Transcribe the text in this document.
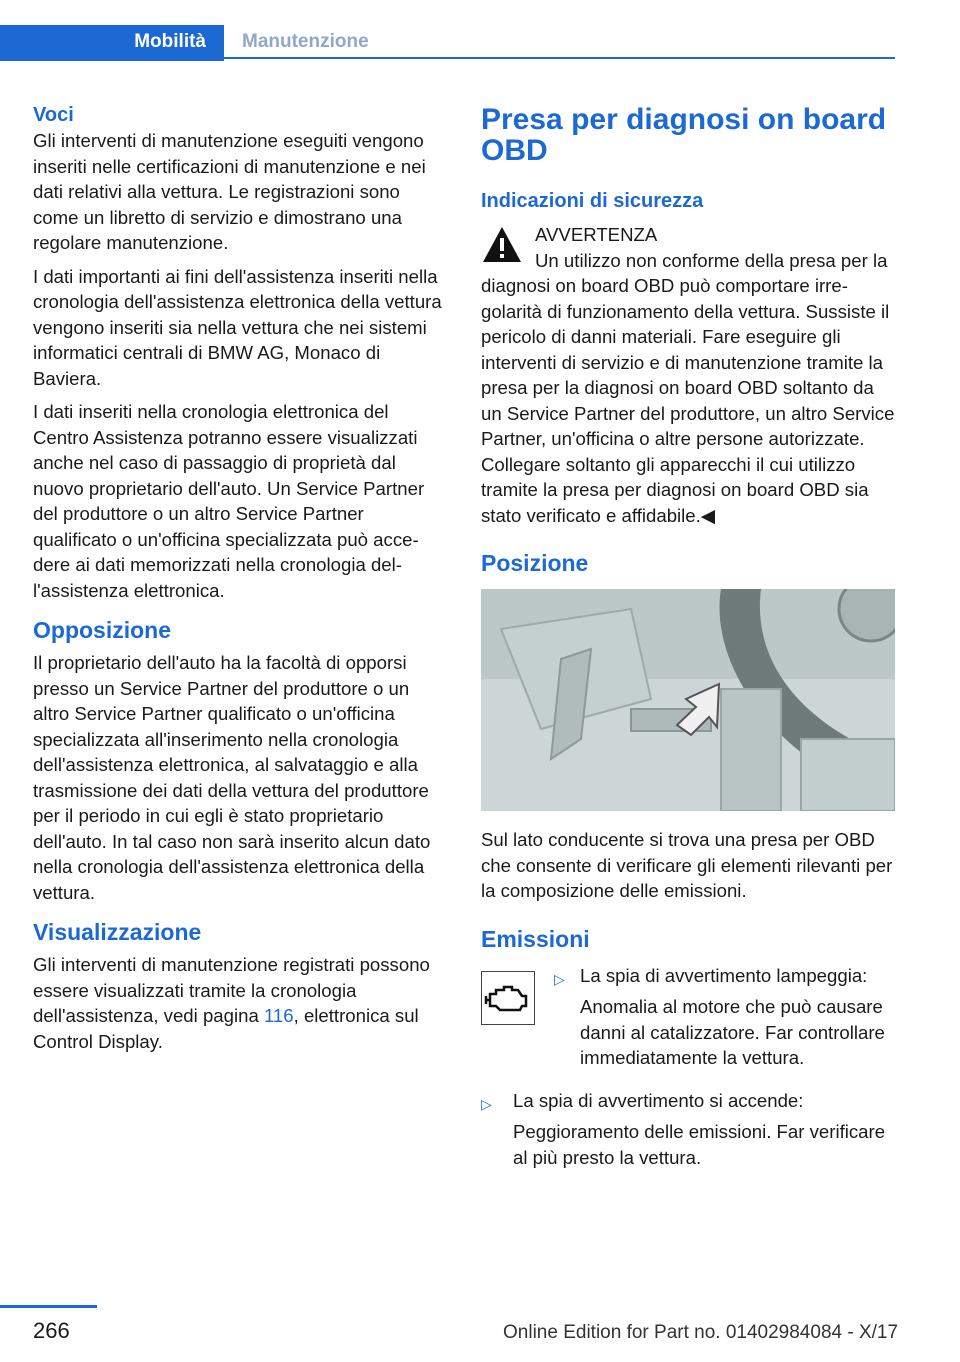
Mobilità	Manutenzione
Voci

Gli interventi di manutenzione eseguiti vengono inseriti nelle certificazioni di manutenzione e nei dati relativi alla vettura. Le registrazioni sono come un libretto di servizio e dimostrano una regolare manutenzione.

I dati importanti ai fini dell'assistenza inseriti nella cronologia dell'assistenza elettronica della vettura vengono inseriti sia nella vettura che nei sistemi informatici centrali di BMW AG, Monaco di Baviera.

I dati inseriti nella cronologia elettronica del Centro Assistenza potranno essere visualizzati anche nel caso di passaggio di proprietà dal nuovo proprietario dell'auto. Un Service Partner del produttore o un altro Service Partner qualificato o un'officina specializzata può accedere ai dati memorizzati nella cronologia dell'assistenza elettronica.

Opposizione

Il proprietario dell'auto ha la facoltà di opporsi presso un Service Partner del produttore o un altro Service Partner qualificato o un'officina specializzata all'inserimento nella cronologia dell'assistenza elettronica, al salvataggio e alla trasmissione dei dati della vettura del produttore per il periodo in cui egli è stato proprietario dell'auto. In tal caso non sarà inserito alcun dato nella cronologia dell'assistenza elettronica della vettura.

Visualizzazione

Gli interventi di manutenzione registrati possono essere visualizzati tramite la cronologia dell'assistenza, vedi pagina 116, elettronica sul Control Display.

Presa per diagnosi on board OBD
Indicazioni di sicurezza
AVVERTENZA

Un utilizzo non conforme della presa per la diagnosi on board OBD può comportare irregolarità di funzionamento della vettura. Sussiste il pericolo di danni materiali. Fare eseguire gli interventi di servizio e di manutenzione tramite la presa per la diagnosi on board OBD soltanto da un Service Partner del produttore, un altro Service Partner, un'officina o altre persone autorizzate. Collegare soltanto gli apparecchi il cui utilizzo tramite la presa per diagnosi on board OBD sia stato verificato e affidabile.◀

Posizione

Sul lato conducente si trova una presa per OBD che consente di verificare gli elementi rilevanti per la composizione delle emissioni.

Emissioni
▷ La spia di avvertimento lampeggia:
Anomalia al motore che può causare danni al catalizzatore. Far controllare immediatamente la vettura.
▷ La spia di avvertimento si accende:
Peggioramento delle emissioni. Far verificare al più presto la vettura.
266	Online Edition for Part no. 01402984084 - X/17
